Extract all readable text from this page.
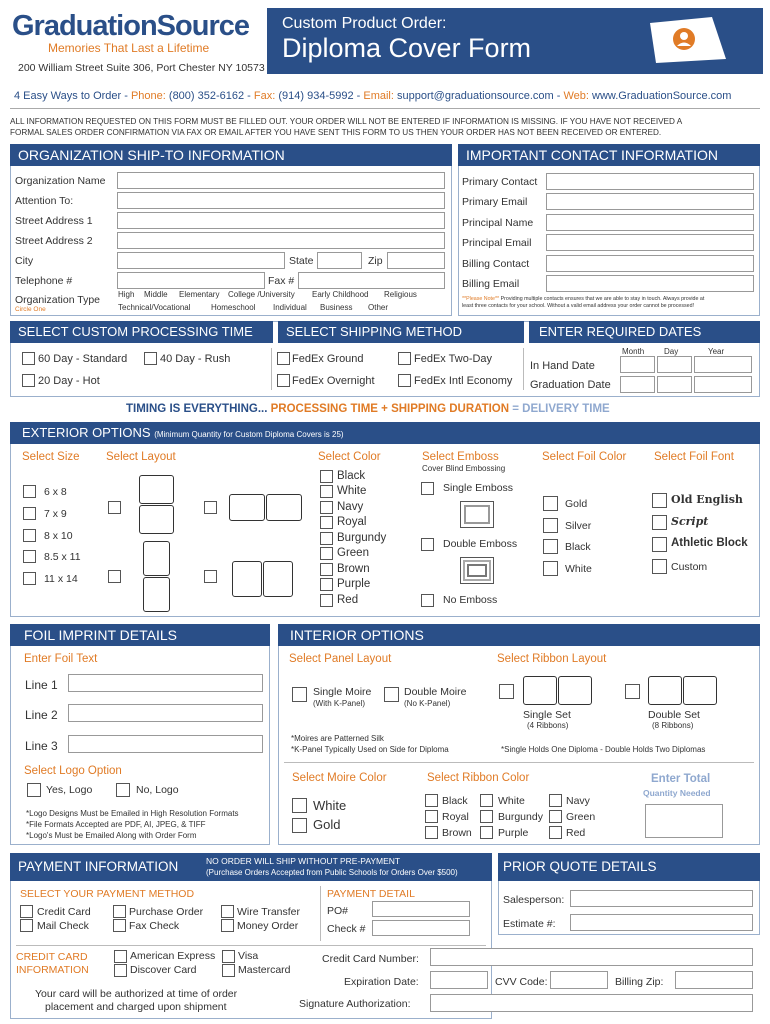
GraduationSource
Memories That Last a Lifetime
200 William Street Suite 306, Port Chester NY 10573
Custom Product Order:
Diploma Cover Form
4 Easy Ways to Order - Phone: (800) 352-6162 - Fax: (914) 934-5992 - Email: support@graduationsource.com - Web: www.GraduationSource.com
ALL INFORMATION REQUESTED ON THIS FORM MUST BE FILLED OUT. YOUR ORDER WILL NOT BE ENTERED IF INFORMATION IS MISSING. IF YOU HAVE NOT RECEIVED A
FORMAL SALES ORDER CONFIRMATION VIA FAX OR EMAIL AFTER YOU HAVE SENT THIS FORM TO US THEN YOUR ORDER HAS NOT BEEN RECEIVED OR ENTERED.
ORGANIZATION SHIP-TO INFORMATION
Organization Name
Attention To:
Street Address 1
Street Address 2
City	State	Zip
Telephone #	Fax #
Organization Type
Circle One
High Middle Elementary College /University Early Childhood Religious
Technical/Vocational	Homeschool Individual Business Other
IMPORTANT CONTACT INFORMATION
Primary Contact
Primary Email
Principal Name
Principal Email
Billing Contact
Billing Email
**Please Note** Providing multiple contacts ensures that we are able to stay in touch. Always provide at
least three contacts for your school. Without a valid email address your order cannot be processed!
SELECT CUSTOM PROCESSING TIME	SELECT SHIPPING METHOD	ENTER REQUIRED DATES
60 Day - Standard	40 Day - Rush
20 Day - Hot
FedEx Ground	FedEx Two-Day
FedEx Overnight	FedEx Intl Economy
Month Day	Year
In Hand Date
Graduation Date
TIMING IS EVERYTHING... PROCESSING TIME + SHIPPING DURATION = DELIVERY TIME
EXTERIOR OPTIONS (Minimum Quantity for Custom Diploma Covers is 25)
Select Size Select Layout	Select Color	Select Emboss
Cover Blind Embossing
Select Foil Color Select Foil Font
6 x 8
7 x 9
8 x 10
8.5 x 11
11 x 14
Black
White
Navy
Royal
Burgundy
Green
Brown
Purple
Red
Single Emboss
Double Emboss
No Emboss
Gold
Silver
Black
White
Old English
Script
Athletic Block
Custom
FOIL IMPRINT DETAILS
Enter Foil Text
Line 1
Line 2
Line 3
Select Logo Option
Yes, Logo	No, Logo
*Logo Designs Must be Emailed in High Resolution Formats
*File Formats Accepted are PDF, AI, JPEG, & TIFF
*Logo's Must be Emailed Along with Order Form
INTERIOR OPTIONS
Select Panel Layout	Select Ribbon Layout
Single Moire
(With K-Panel)
Double Moire
(No K-Panel)
Single Set
(4 Ribbons)
Double Set
(8 Ribbons)
*Moires are Patterned Silk
*K-Panel Typically Used on Side for Diploma	*Single Holds One Diploma - Double Holds Two Diplomas
Select Moire Color
White
Gold
Select Ribbon Color
Black	White	Navy
Royal	Burgundy Green
Brown Purple	Red
Enter Total
Quantity Needed
PAYMENT INFORMATION	NO ORDER WILL SHIP WITHOUT PRE-PAYMENT
(Purchase Orders Accepted from Public Schools for Orders Over $500)
SELECT YOUR PAYMENT METHOD
Credit Card	Purchase Order	Wire Transfer
Mail Check	Fax Check	Money Order
PAYMENT DETAIL
PO#
Check #
CREDIT CARD
INFORMATION
American Express Visa
Discover Card	Mastercard
Your card will be authorized at time of order
placement and charged upon shipment
PRIOR QUOTE DETAILS
Salesperson:
Estimate #:
Credit Card Number:
Expiration Date:	CVV Code:	Billing Zip:
Signature Authorization:
